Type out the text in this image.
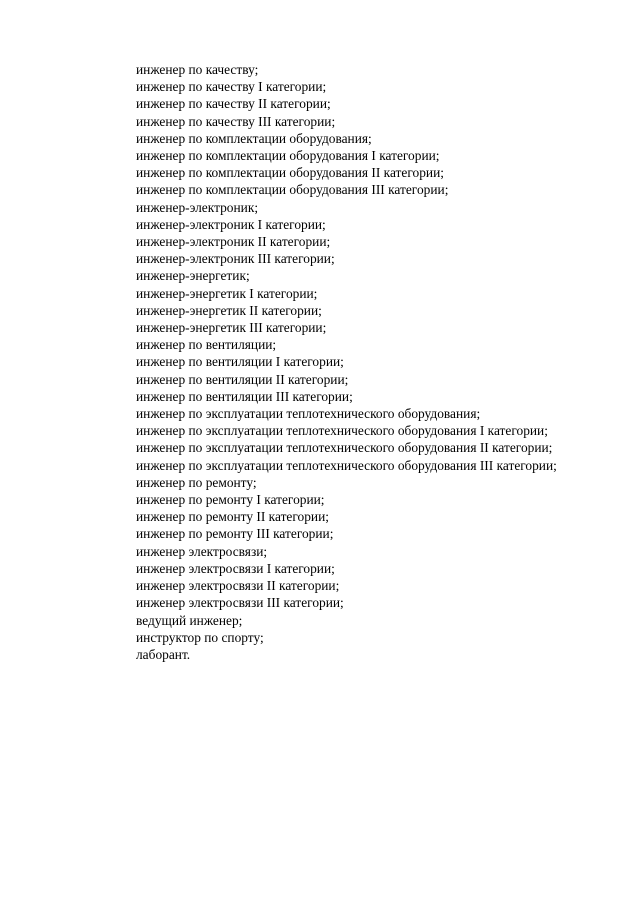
инженер по качеству;

инженер по качеству I категории;

инженер по качеству II категории;

инженер по качеству III категории;

инженер по комплектации оборудования;

инженер по комплектации оборудования I категории;

инженер по комплектации оборудования II категории;

инженер по комплектации оборудования III категории;

инженер-электроник;

инженер-электроник I категории;

инженер-электроник II категории;

инженер-электроник III категории;

инженер-энергетик;

инженер-энергетик I категории;

инженер-энергетик II категории;

инженер-энергетик III категории;

инженер по вентиляции;

инженер по вентиляции I категории;

инженер по вентиляции II категории;

инженер по вентиляции III категории;

инженер по эксплуатации теплотехнического оборудования;

инженер по эксплуатации теплотехнического оборудования I категории;

инженер по эксплуатации теплотехнического оборудования II категории;

инженер по эксплуатации теплотехнического оборудования III категории;

инженер по ремонту;

инженер по ремонту I категории;

инженер по ремонту II категории;

инженер по ремонту III категории;

инженер электросвязи;

инженер электросвязи I категории;

инженер электросвязи II категории;

инженер электросвязи III категории;

ведущий инженер;

инструктор по спорту;

лаборант.
